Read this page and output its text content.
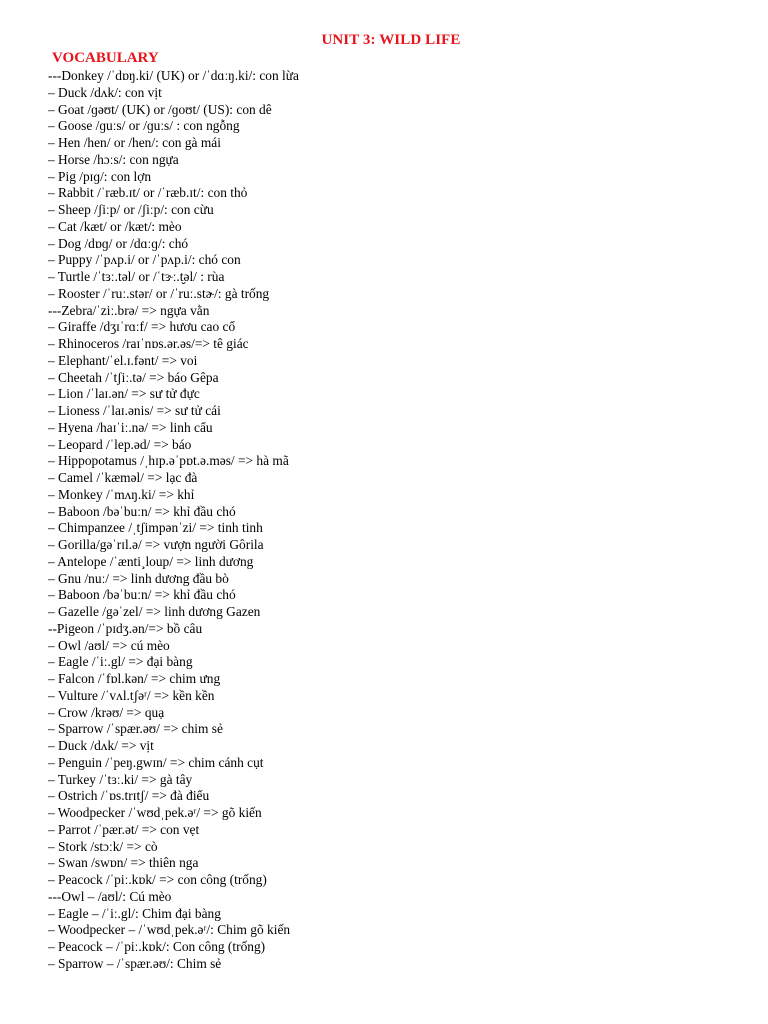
UNIT 3: WILD LIFE
VOCABULARY
---Donkey /ˈdɒŋ.ki/ (UK) or /ˈdɑːŋ.ki/: con lừa
– Duck /dʌk/: con vịt
– Goat /ɡəʊt/ (UK) or /ɡoʊt/ (US): con dê
– Goose /ɡuːs/ or /ɡuːs/ : con ngỗng
– Hen /hen/ or /hen/: con gà mái
– Horse /hɔːs/: con ngựa
– Pig /pɪɡ/: con lợn
– Rabbit /ˈræb.ɪt/ or /ˈræb.ɪt/: con thỏ
– Sheep /ʃiːp/ or /ʃiːp/: con cừu
– Cat /kæt/ or /kæt/: mèo
– Dog /dɒɡ/ or /dɑːɡ/: chó
– Puppy /ˈpʌp.i/ or /ˈpʌp.i/: chó con
– Turtle /ˈtɜː.təl/ or /ˈtɝː.t̬əl/ : rùa
– Rooster /ˈruː.stər/ or /ˈruː.stɚ/: gà trống
---Zebra/ˈziː.brə/ => ngựa vằn
– Giraffe /dʒɪˈrɑːf/ => hươu cao cổ
– Rhinoceros /raɪˈnɒs.ər.əs/=> tê giác
– Elephant/ˈel.ɪ.fənt/ => voi
– Cheetah /ˈtʃiː.tə/ => báo Gêpa
– Lion /ˈlaɪ.ən/ => sư tử đực
– Lioness /ˈlaɪ.ənis/ => sư tử cái
– Hyena /haɪˈiː.nə/ => linh cẩu
– Leopard /ˈlep.əd/ => báo
– Hippopotamus /ˌhɪp.əˈpɒt.ə.məs/ => hà mã
– Camel /ˈkæməl/ => lạc đà
– Monkey /ˈmʌŋ.ki/ => khỉ
– Baboon /bəˈbuːn/ => khỉ đầu chó
– Chimpanzee /ˌtʃimpənˈzi/ => tinh tinh
– Gorilla/gəˈrɪl.ə/ => vượn người Gôrila
– Antelope /ˈænti¸loup/ => linh dương
– Gnu /nuː/ => linh dương đầu bò
– Baboon /bəˈbuːn/ => khỉ đầu chó
– Gazelle /gəˈzel/ => linh dương Gazen
--Pigeon /ˈpɪdʒ.ən/=> bồ câu
– Owl /aʊl/ => cú mèo
– Eagle /ˈiː.gl/ => đại bàng
– Falcon /ˈfɒl.kən/ => chim ưng
– Vulture /ˈvʌl.tʃəʳ/ => kền kền
– Crow /krəʊ/ => quạ
– Sparrow /ˈspær.əʊ/ => chim sẻ
– Duck /dʌk/ => vịt
– Penguin /ˈpeŋ.gwɪn/ => chim cánh cụt
– Turkey /ˈtɜː.ki/ => gà tây
– Ostrich /ˈɒs.trɪtʃ/ => đà điểu
– Woodpecker /ˈwʊdˌpek.əʳ/ => gõ kiến
– Parrot /ˈpær.ət/ => con vẹt
– Stork /stɔːk/ => cò
– Swan /swɒn/ => thiên nga
– Peacock /ˈpiː.kɒk/ => con công (trống)
---Owl – /aʊl/: Cú mèo
– Eagle – /ˈiː.gl/: Chim đại bàng
– Woodpecker – /ˈwʊdˌpek.əʳ/: Chim gõ kiến
– Peacock – /ˈpiː.kɒk/: Con công (trống)
– Sparrow – /ˈspær.əʊ/: Chim sẻ
